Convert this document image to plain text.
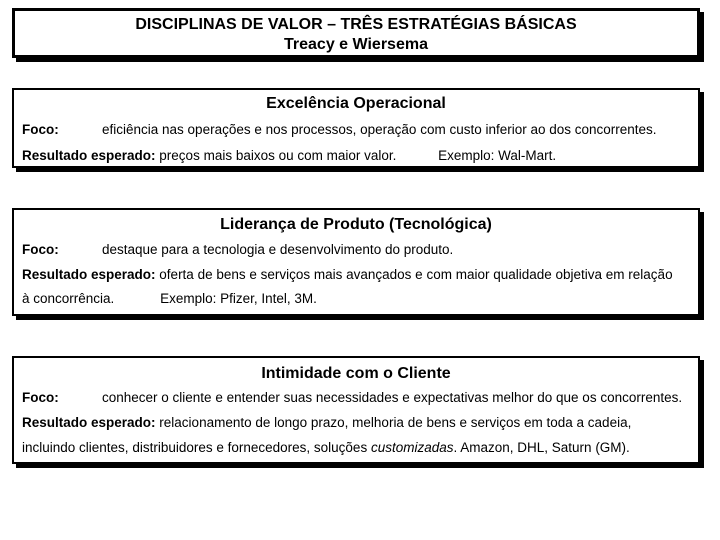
DISCIPLINAS DE VALOR – TRÊS ESTRATÉGIAS BÁSICAS
Treacy e Wiersema
Excelência Operacional
Foco:	eficiência nas operações e nos processos, operação com custo inferior ao dos concorrentes.
Resultado esperado: preços mais baixos ou com maior valor.	Exemplo: Wal-Mart.
Liderança de Produto (Tecnológica)
Foco:	destaque para a tecnologia e desenvolvimento do produto.
Resultado esperado: oferta de bens e serviços mais avançados e com maior qualidade objetiva em relação
à concorrência.	Exemplo: Pfizer, Intel, 3M.
Intimidade com o Cliente
Foco:	conhecer o cliente e entender suas necessidades e expectativas melhor do que os concorrentes.
Resultado esperado: relacionamento de longo prazo, melhoria de bens e serviços em toda a cadeia,
incluindo clientes, distribuidores e fornecedores, soluções customizadas. Amazon, DHL, Saturn (GM).
